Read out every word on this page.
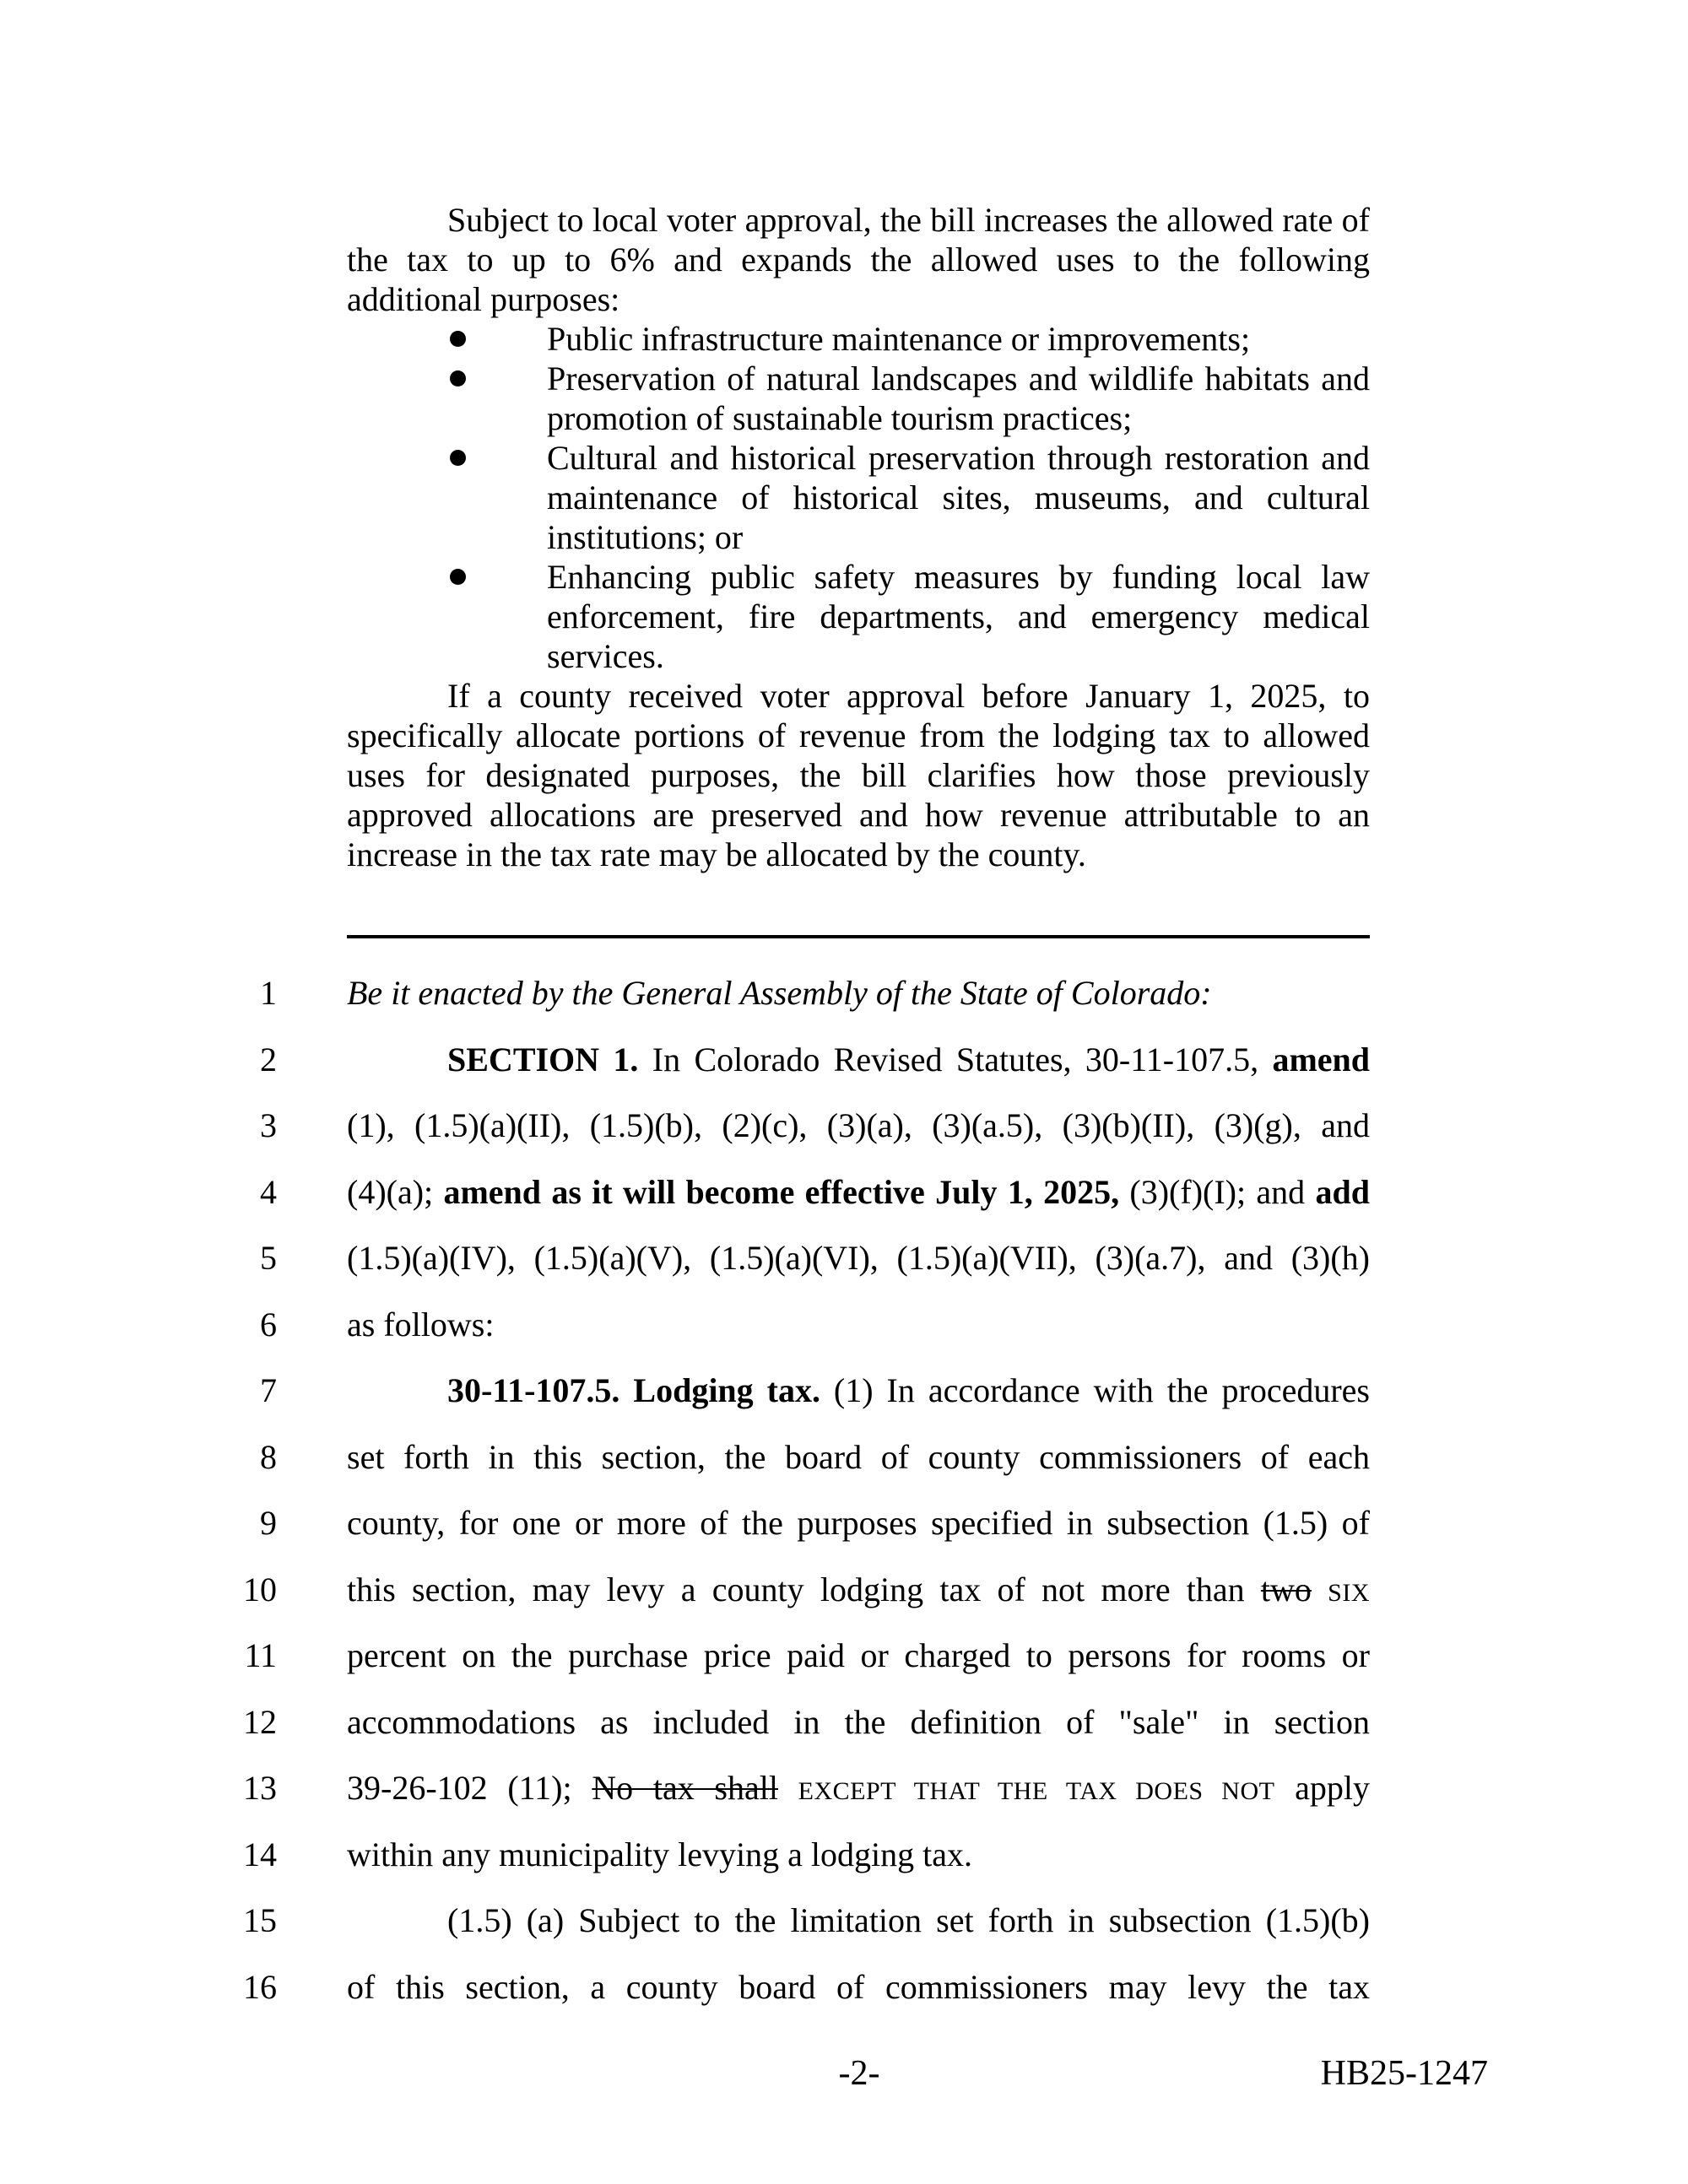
Subject to local voter approval, the bill increases the allowed rate of the tax to up to 6% and expands the allowed uses to the following additional purposes:

Public infrastructure maintenance or improvements;
Preservation of natural landscapes and wildlife habitats and promotion of sustainable tourism practices;
Cultural and historical preservation through restoration and maintenance of historical sites, museums, and cultural institutions; or
Enhancing public safety measures by funding local law enforcement, fire departments, and emergency medical services.

If a county received voter approval before January 1, 2025, to specifically allocate portions of revenue from the lodging tax to allowed uses for designated purposes, the bill clarifies how those previously approved allocations are preserved and how revenue attributable to an increase in the tax rate may be allocated by the county.

1 Be it enacted by the General Assembly of the State of Colorado:
2	SECTION 1. In Colorado Revised Statutes, 30-11-107.5, amend
3 (1), (1.5)(a)(II), (1.5)(b), (2)(c), (3)(a), (3)(a.5), (3)(b)(II), (3)(g), and
4 (4)(a); amend as it will become effective July 1, 2025, (3)(f)(I); and add
5 (1.5)(a)(IV), (1.5)(a)(V), (1.5)(a)(VI), (1.5)(a)(VII), (3)(a.7), and (3)(h)
6 as follows:
7	30-11-107.5. Lodging tax. (1) In accordance with the procedures
8 set forth in this section, the board of county commissioners of each
9 county, for one or more of the purposes specified in subsection (1.5) of
10 this section, may levy a county lodging tax of not more than two SIX
11 percent on the purchase price paid or charged to persons for rooms or
12 accommodations as included in the definition of "sale" in section
13 39-26-102 (11); No tax shall EXCEPT THAT THE TAX DOES NOT apply
14 within any municipality levying a lodging tax.
15	(1.5) (a) Subject to the limitation set forth in subsection (1.5)(b)
16 of this section, a county board of commissioners may levy the tax
-2-	HB25-1247
